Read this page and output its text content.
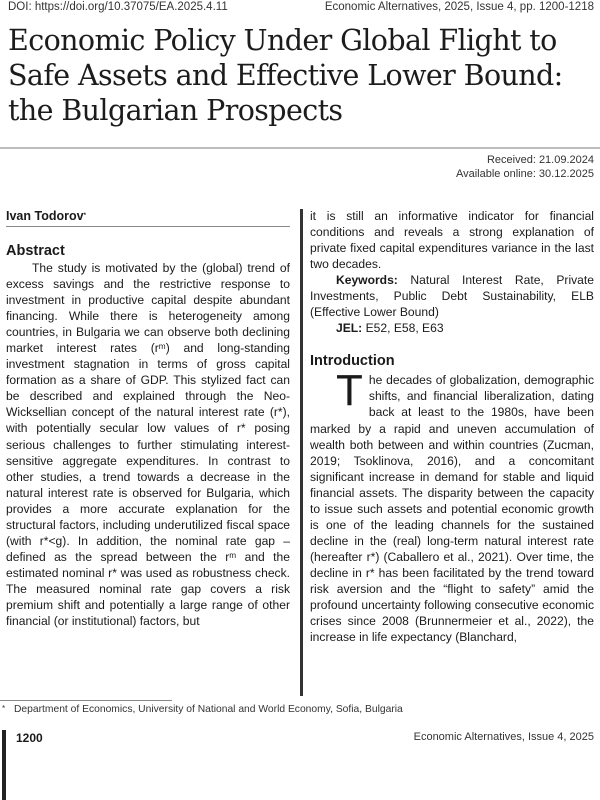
DOI: https://doi.org/10.37075/EA.2025.4.11	Economic Alternatives, 2025, Issue 4, pp. 1200-1218
Economic Policy Under Global Flight to
Safe Assets and Effective Lower Bound:
the Bulgarian Prospects
Received: 21.09.2024
Available online: 30.12.2025

Ivan Todorov*

Abstract

The study is motivated by the (global) trend of excess savings and the restrictive response to investment in productive capital despite abundant financing. While there is heterogeneity among countries, in Bulgaria we can observe both declining market interest rates (rᵐ) and long-standing investment stagnation in terms of gross capital formation as a share of GDP. This stylized fact can be described and explained through the Neo-Wicksellian concept of the natural interest rate (r*), with potentially secular low values of r* posing serious challenges to further stimulating interest-sensitive aggregate expenditures. In contrast to other studies, a trend towards a decrease in the natural interest rate is observed for Bulgaria, which provides a more accurate explanation for the structural factors, including underutilized fiscal space (with r*<g). In addition, the nominal rate gap – defined as the spread between the rᵐ and the estimated nominal r* was used as robustness check. The measured nominal rate gap covers a risk premium shift and potentially a large range of other financial (or institutional) factors, but

it is still an informative indicator for financial conditions and reveals a strong explanation of private fixed capital expenditures variance in the last two decades.

Keywords: Natural Interest Rate, Private Investments, Public Debt Sustainability, ELB (Effective Lower Bound)

JEL: E52, E58, E63

Introduction

The decades of globalization, demographic shifts, and financial liberalization, dating back at least to the 1980s, have been marked by a rapid and uneven accumulation of wealth both between and within countries (Zucman, 2019; Tsoklinova, 2016), and a concomitant significant increase in demand for stable and liquid financial assets. The disparity between the capacity to issue such assets and potential economic growth is one of the leading channels for the sustained decline in the (real) long-term natural interest rate (hereafter r*) (Caballero et al., 2021). Over time, the decline in r* has been facilitated by the trend toward risk aversion and the “flight to safety” amid the profound uncertainty following consecutive economic crises since 2008 (Brunnermeier et al., 2022), the increase in life expectancy (Blanchard,

* Department of Economics, University of National and World Economy, Sofia, Bulgaria
1200	Economic Alternatives, Issue 4, 2025
